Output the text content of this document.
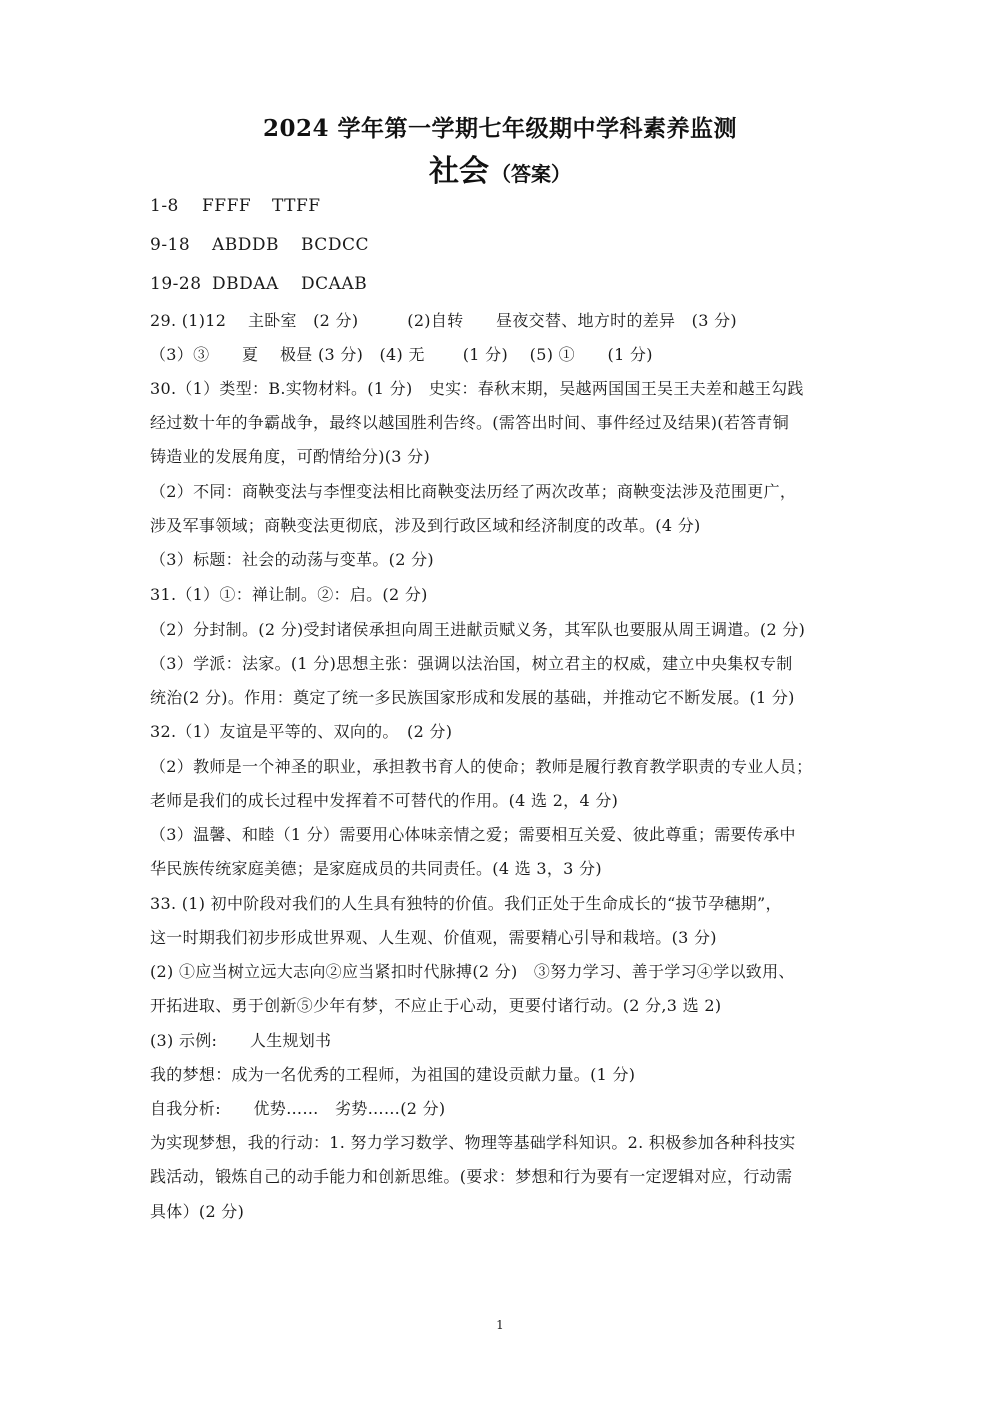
2024 学年第一学期七年级期中学科素养监测
社会 （答案）
1-8 FFFF TTFF
9-18 ABDDB BCDCC
19-28 DBDAA DCAAB
29. (1)12　 主卧室　(2 分)　　　(2)自转　　昼夜交替、地方时的差异　(3 分)
（3）③　　夏　 极昼 (3 分)　(4) 无　　 (1 分)　 (5) ①　　(1 分)
30.（1）类型：B.实物材料。(1 分)　史实：春秋末期，吴越两国国王吴王夫差和越王勾践
经过数十年的争霸战争，最终以越国胜利告终。(需答出时间、事件经过及结果)(若答青铜
铸造业的发展角度，可酌情给分)(3 分)
（2）不同：商鞅变法与李悝变法相比商鞅变法历经了两次改革；商鞅变法涉及范围更广，
涉及军事领域；商鞅变法更彻底，涉及到行政区域和经济制度的改革。(4 分)
（3）标题：社会的动荡与变革。(2 分)
31.（1）①：禅让制。②：启。(2 分)
（2）分封制。(2 分)受封诸侯承担向周王进献贡赋义务，其军队也要服从周王调遣。(2 分)
（3）学派：法家。(1 分)思想主张：强调以法治国，树立君主的权威，建立中央集权专制
统治(2 分)。作用：奠定了统一多民族国家形成和发展的基础，并推动它不断发展。(1 分)
32.（1）友谊是平等的、双向的。　(2 分)
（2）教师是一个神圣的职业，承担教书育人的使命；教师是履行教育教学职责的专业人员；
老师是我们的成长过程中发挥着不可替代的作用。(4 选 2，4 分)
（3）温馨、和睦（1 分）需要用心体味亲情之爱；需要相互关爱、彼此尊重；需要传承中
华民族传统家庭美德；是家庭成员的共同责任。(4 选 3，3 分)
33. (1) 初中阶段对我们的人生具有独特的价值。我们正处于生命成长的“拔节孕穗期”，
这一时期我们初步形成世界观、人生观、价值观，需要精心引导和栽培。(3 分)
(2) ①应当树立远大志向②应当紧扣时代脉搏(2 分)　③努力学习、善于学习④学以致用、
开拓进取、勇于创新⑤少年有梦，不应止于心动，更要付诸行动。(2 分,3 选 2)
(3) 示例:　　人生规划书
我的梦想：成为一名优秀的工程师，为祖国的建设贡献力量。(1 分)
自我分析:　　优势……　劣势……(2 分)
为实现梦想，我的行动：1. 努力学习数学、物理等基础学科知识。2. 积极参加各种科技实
践活动，锻炼自己的动手能力和创新思维。(要求：梦想和行为要有一定逻辑对应，行动需
具体）(2 分)
1
